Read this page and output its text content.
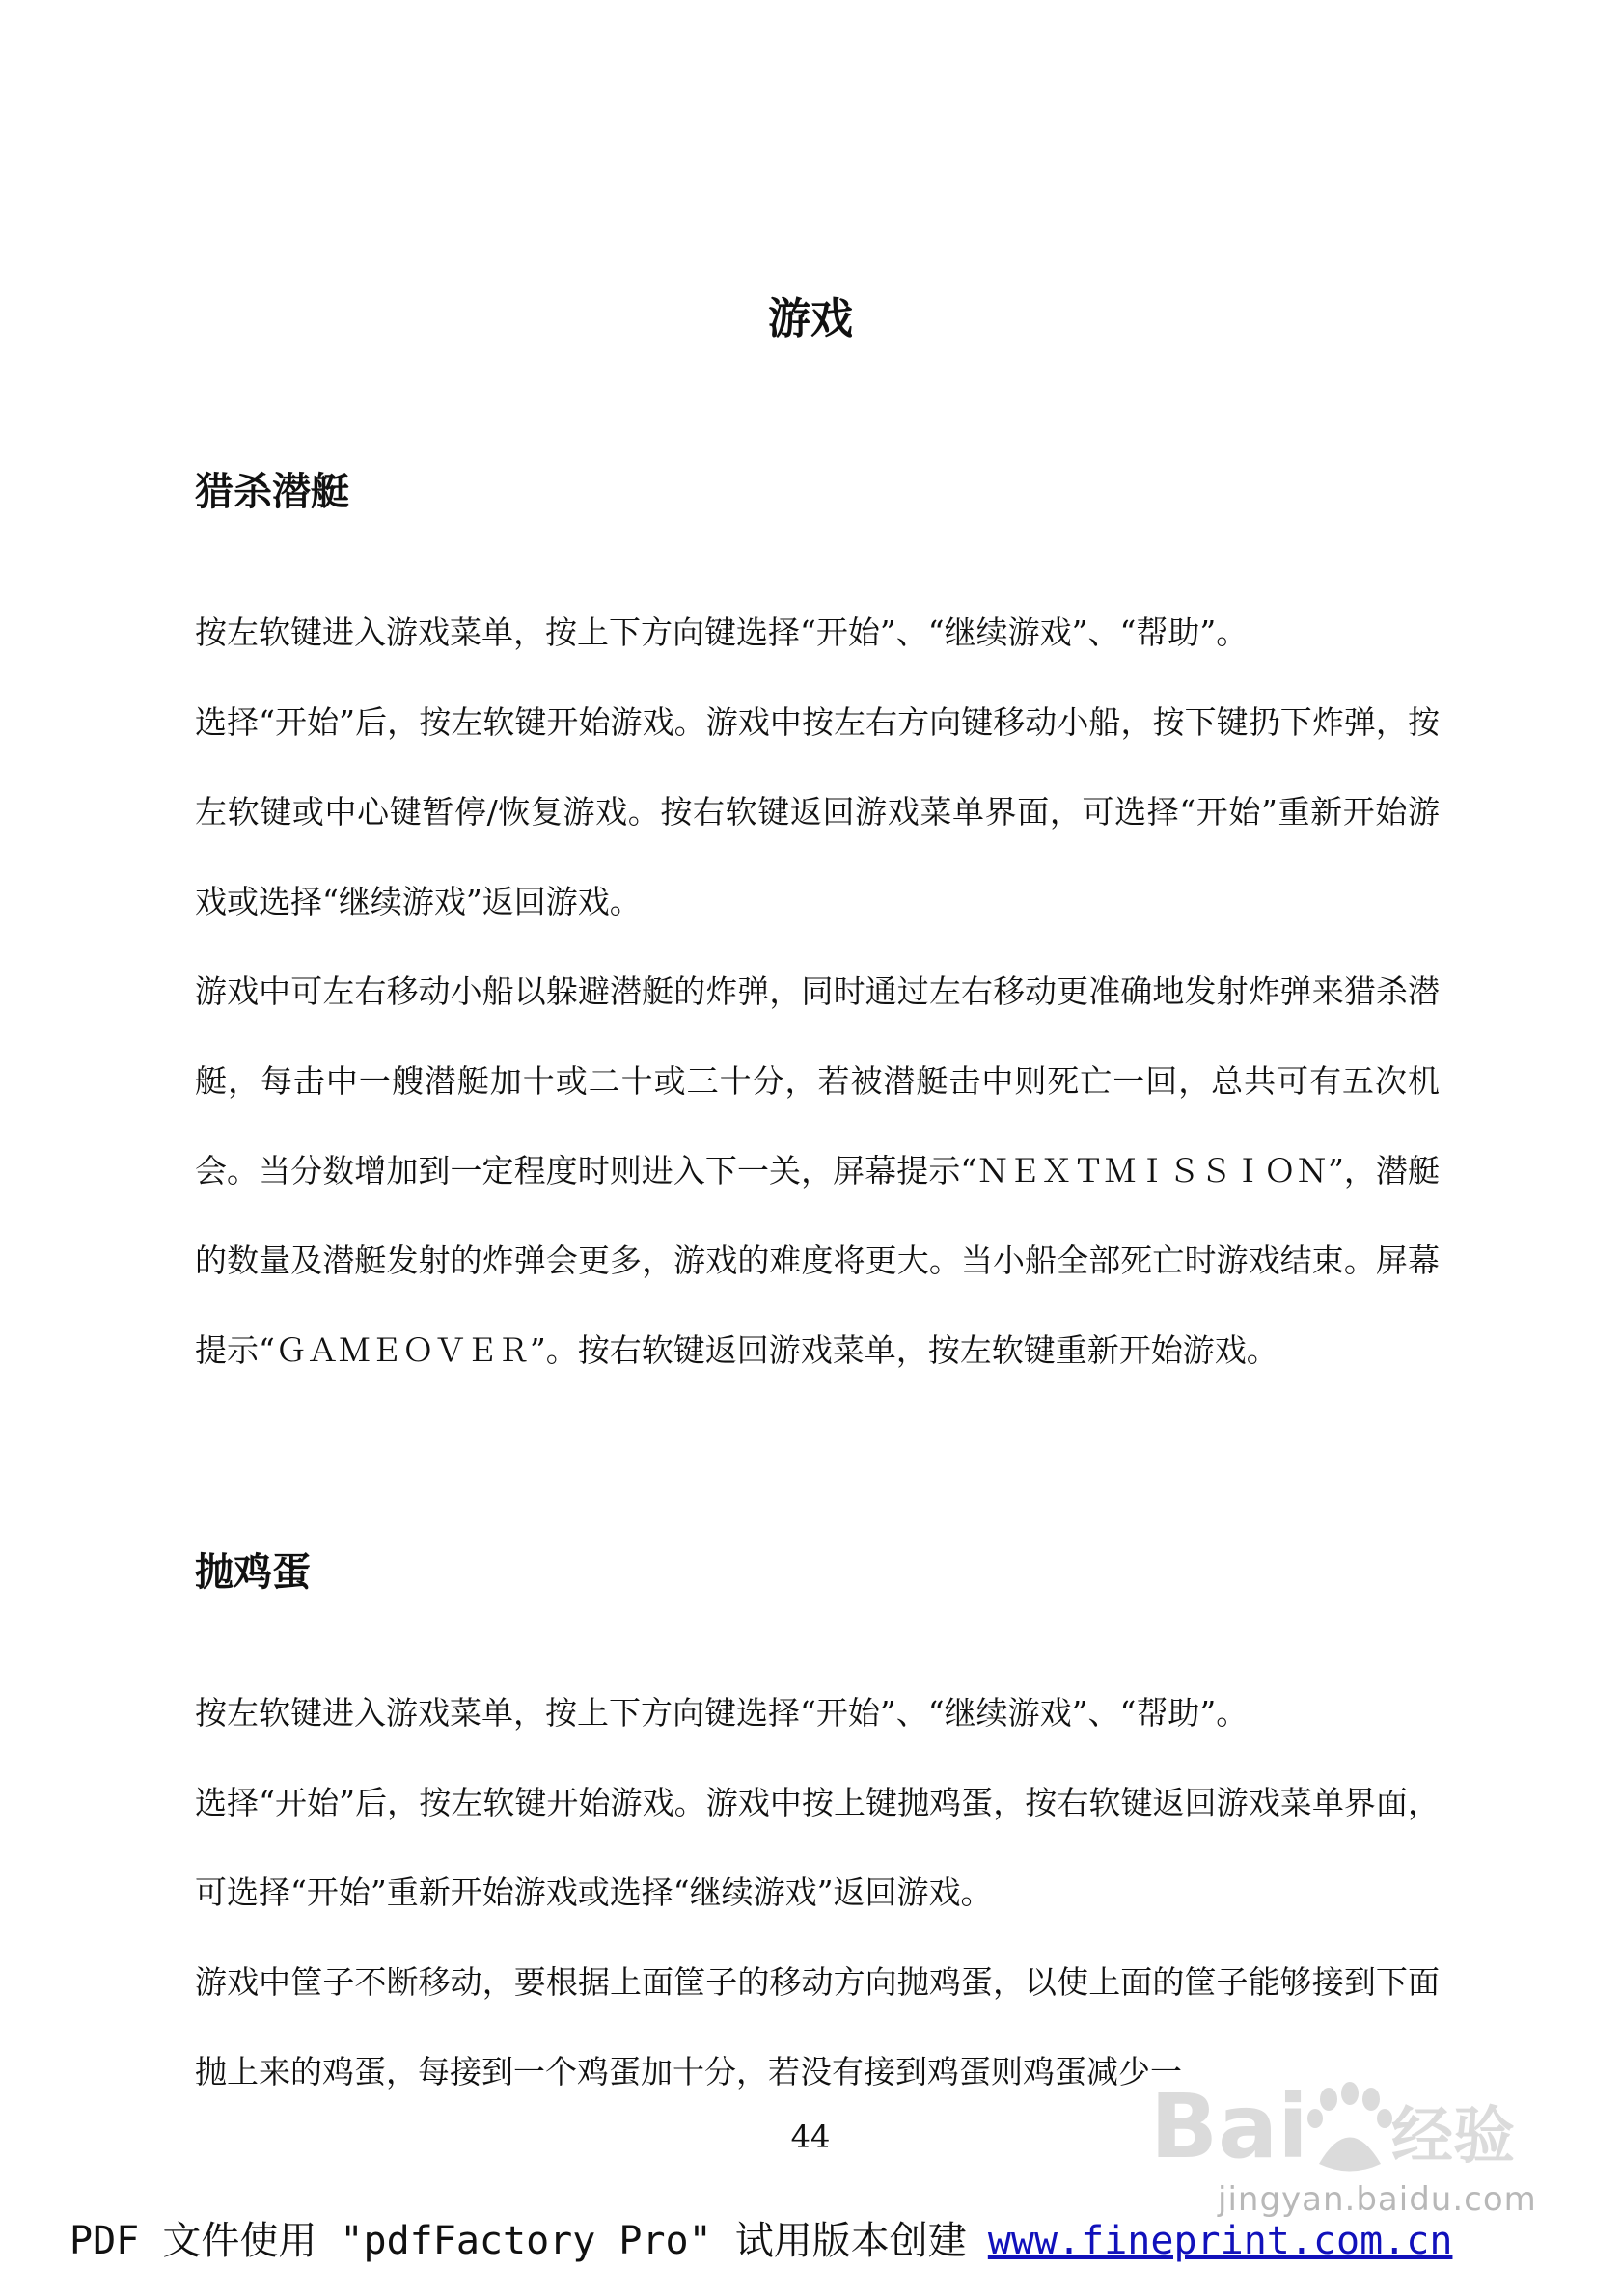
游戏
猎杀潜艇

按左软键进入游戏菜单，按上下方向键选择“开始”、“继续游戏”、“帮助”。

选择“开始”后，按左软键开始游戏。游戏中按左右方向键移动小船，按下键扔下炸弹，按左软键或中心键暂停/恢复游戏。按右软键返回游戏菜单界面，可选择“开始”重新开始游戏或选择“继续游戏”返回游戏。

游戏中可左右移动小船以躲避潜艇的炸弹，同时通过左右移动更准确地发射炸弹来猎杀潜艇，每击中一艘潜艇加十或二十或三十分，若被潜艇击中则死亡一回，总共可有五次机会。当分数增加到一定程度时则进入下一关，屏幕提示“ＮＥＸＴＭＩＳＳＩＯＮ”，潜艇的数量及潜艇发射的炸弹会更多，游戏的难度将更大。当小船全部死亡时游戏结束。屏幕提示“ＧＡＭＥＯＶＥＲ”。按右软键返回游戏菜单，按左软键重新开始游戏。

抛鸡蛋

按左软键进入游戏菜单，按上下方向键选择“开始”、“继续游戏”、“帮助”。

选择“开始”后，按左软键开始游戏。游戏中按上键抛鸡蛋，按右软键返回游戏菜单界面，可选择“开始”重新开始游戏或选择“继续游戏”返回游戏。

游戏中筐子不断移动，要根据上面筐子的移动方向抛鸡蛋，以使上面的筐子能够接到下面抛上来的鸡蛋，每接到一个鸡蛋加十分，若没有接到鸡蛋则鸡蛋减少一

Bai 经验
jingyan.baidu.com
44
PDF 文件使用 "pdfFactory Pro" 试用版本创建 www.fineprint.com.cn
